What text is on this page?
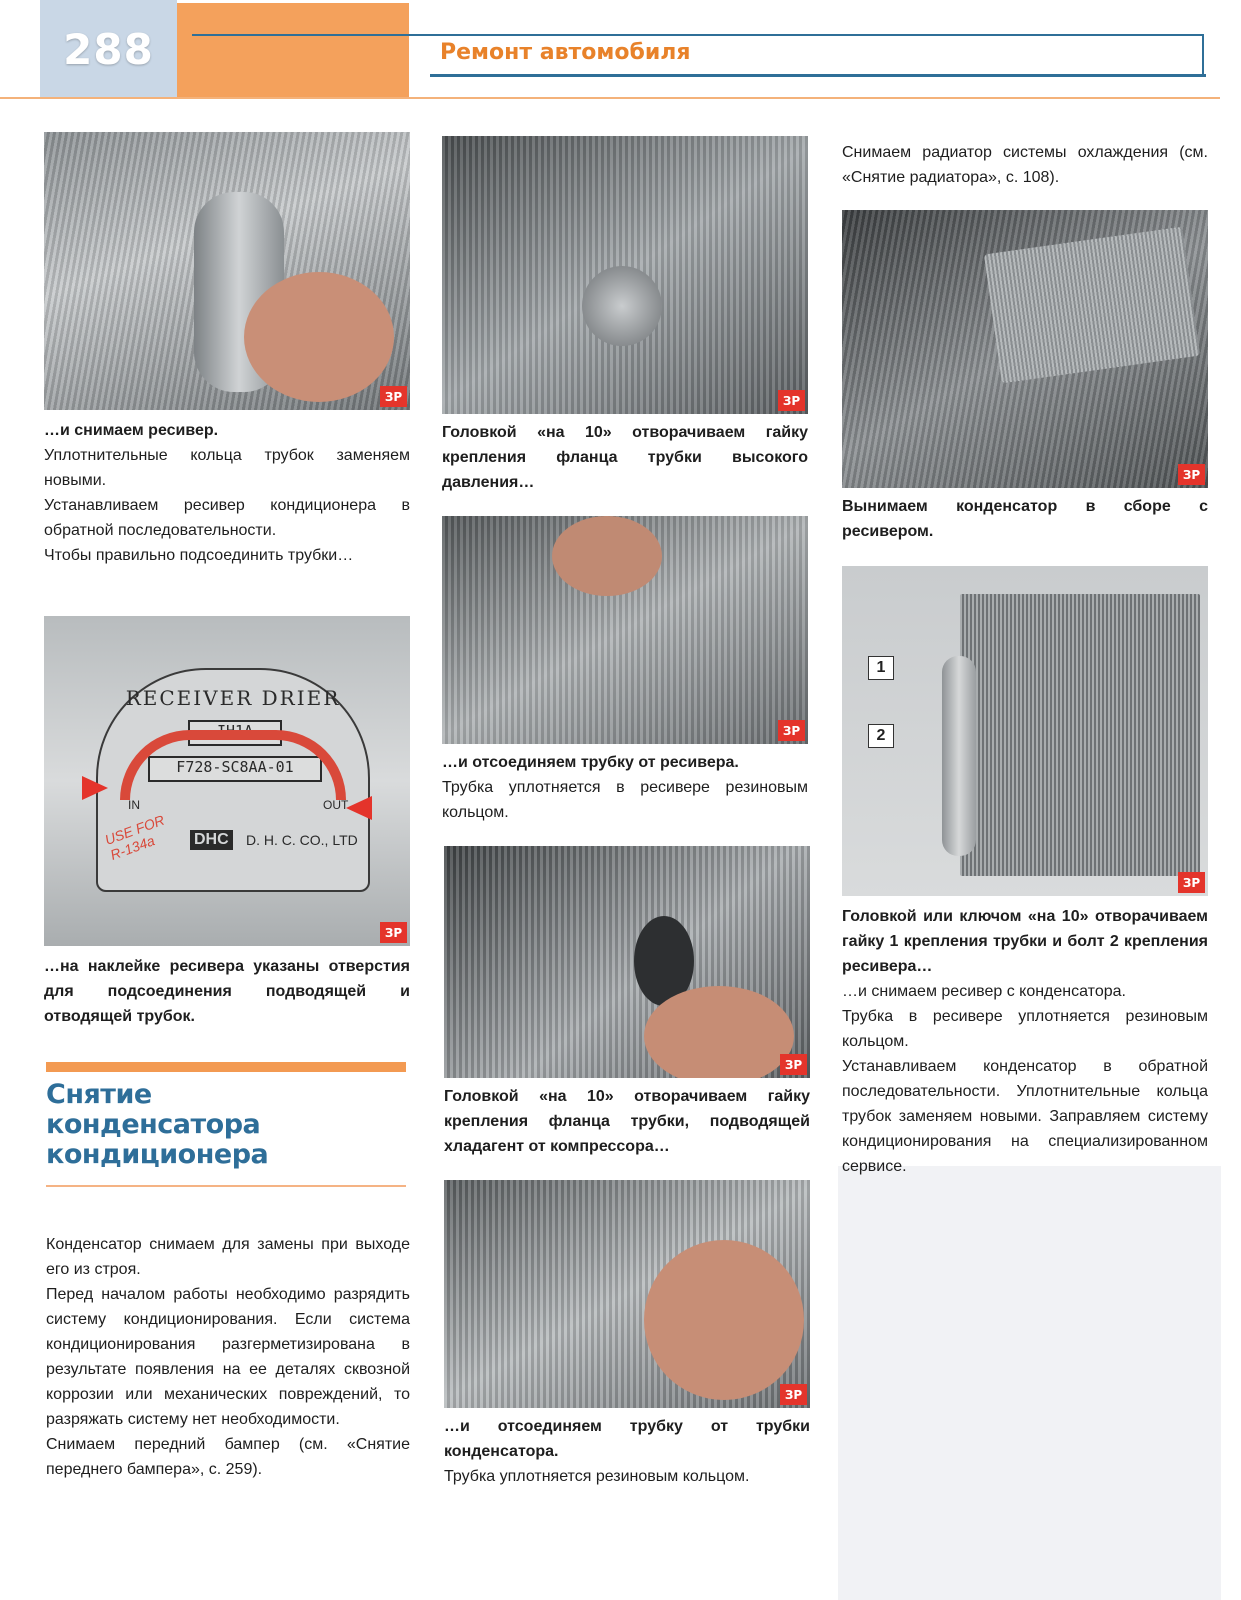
288	Ремонт автомобиля
ЗР

…и снимаем ресивер.

Уплотнительные кольца трубок заменяем новыми.

Устанавливаем ресивер кондиционера в обратной последовательности.

Чтобы правильно подсоединить трубки…

RECEIVER DRIER
IH1A
F728-SC8AA-01
IN	OUT
USE FOR R-134a	DHC D. H. C. CO., LTD
ЗР

…на наклейке ресивера указаны отверстия для подсоединения подводящей и отводящей трубок.

Снятие
конденсатора
кондиционера

Конденсатор снимаем для замены при выходе его из строя.

Перед началом работы необходимо разрядить систему кондиционирования. Если система кондиционирования разгерметизирована в результате появления на ее деталях сквозной коррозии или механических повреждений, то разряжать систему нет необходимости.

Снимаем передний бампер (см. «Снятие переднего бампера», с. 259).

ЗР

Головкой «на 10» отворачиваем гайку крепления фланца трубки высокого давления…

ЗР

…и отсоединяем трубку от ресивера.

Трубка уплотняется в ресивере резиновым кольцом.

ЗР

Головкой «на 10» отворачиваем гайку крепления фланца трубки, подводящей хладагент от компрессора…

ЗР

…и отсоединяем трубку от трубки конденсатора.

Трубка уплотняется резиновым кольцом.

Снимаем радиатор системы охлаждения (см. «Снятие радиатора», с. 108).

ЗР

Вынимаем конденсатор в сборе с ресивером.

1
2
ЗР

Головкой или ключом «на 10» отворачиваем гайку 1 крепления трубки и болт 2 крепления ресивера…

…и снимаем ресивер с конденсатора.

Трубка в ресивере уплотняется резиновым кольцом.

Устанавливаем конденсатор в обратной последовательности. Уплотнительные кольца трубок заменяем новыми. Заправляем систему кондиционирования на специализированном сервисе.
